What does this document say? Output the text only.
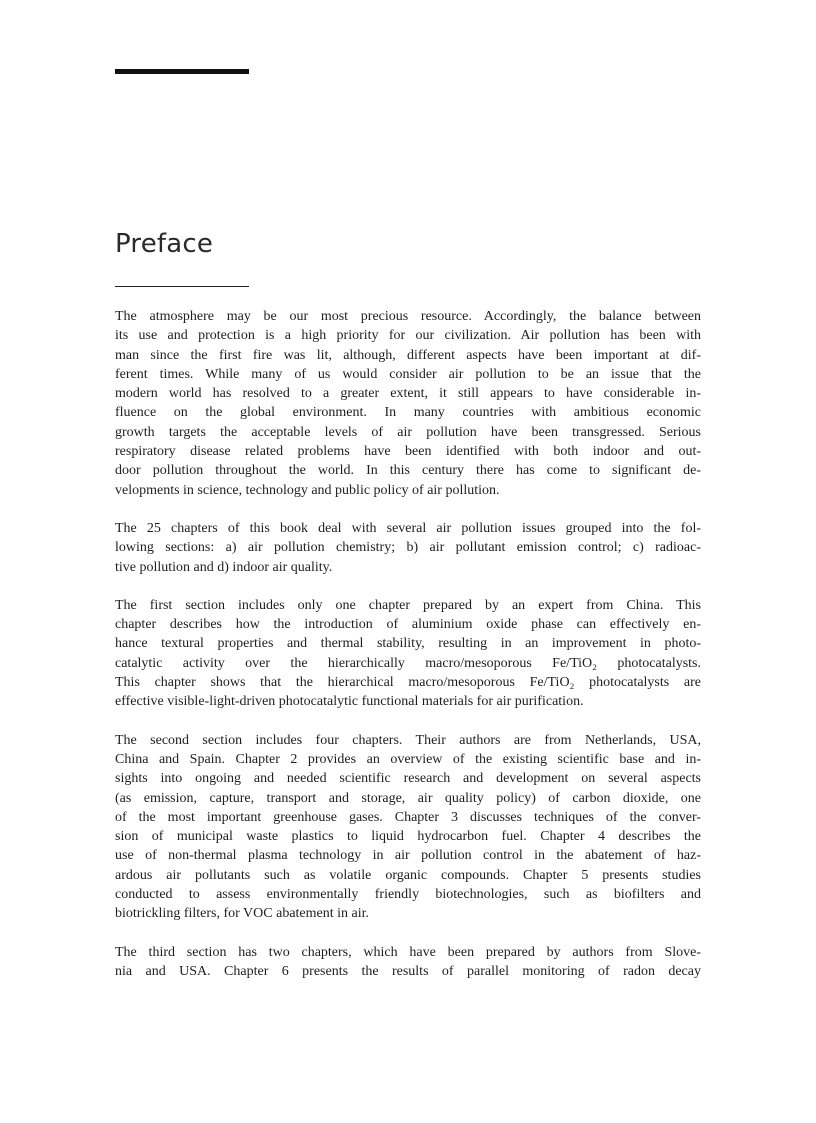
Preface

The atmosphere may be our most precious resource. Accordingly, the balance between
its use and protection is a high priority for our civilization. Air pollution has been with
man since the first fire was lit, although, different aspects have been important at dif-
ferent times. While many of us would consider air pollution to be an issue that the
modern world has resolved to a greater extent, it still appears to have considerable in-
fluence on the global environment. In many countries with ambitious economic
growth targets the acceptable levels of air pollution have been transgressed. Serious
respiratory disease related problems have been identified with both indoor and out-
door pollution throughout the world. In this century there has come to significant de-
velopments in science, technology and public policy of air pollution.

The 25 chapters of this book deal with several air pollution issues grouped into the fol-
lowing sections: a) air pollution chemistry; b) air pollutant emission control; c) radioac-
tive pollution and d) indoor air quality.

The first section includes only one chapter prepared by an expert from China. This
chapter describes how the introduction of aluminium oxide phase can effectively en-
hance textural properties and thermal stability, resulting in an improvement in photo-
catalytic activity over the hierarchically macro/mesoporous Fe/TiO₂ photocatalysts.
This chapter shows that the hierarchical macro/mesoporous Fe/TiO₂ photocatalysts are
effective visible-light-driven photocatalytic functional materials for air purification.

The second section includes four chapters. Their authors are from Netherlands, USA,
China and Spain. Chapter 2 provides an overview of the existing scientific base and in-
sights into ongoing and needed scientific research and development on several aspects
(as emission, capture, transport and storage, air quality policy) of carbon dioxide, one
of the most important greenhouse gases. Chapter 3 discusses techniques of the conver-
sion of municipal waste plastics to liquid hydrocarbon fuel. Chapter 4 describes the
use of non-thermal plasma technology in air pollution control in the abatement of haz-
ardous air pollutants such as volatile organic compounds. Chapter 5 presents studies
conducted to assess environmentally friendly biotechnologies, such as biofilters and
biotrickling filters, for VOC abatement in air.

The third section has two chapters, which have been prepared by authors from Slove-
nia and USA. Chapter 6 presents the results of parallel monitoring of radon decay
